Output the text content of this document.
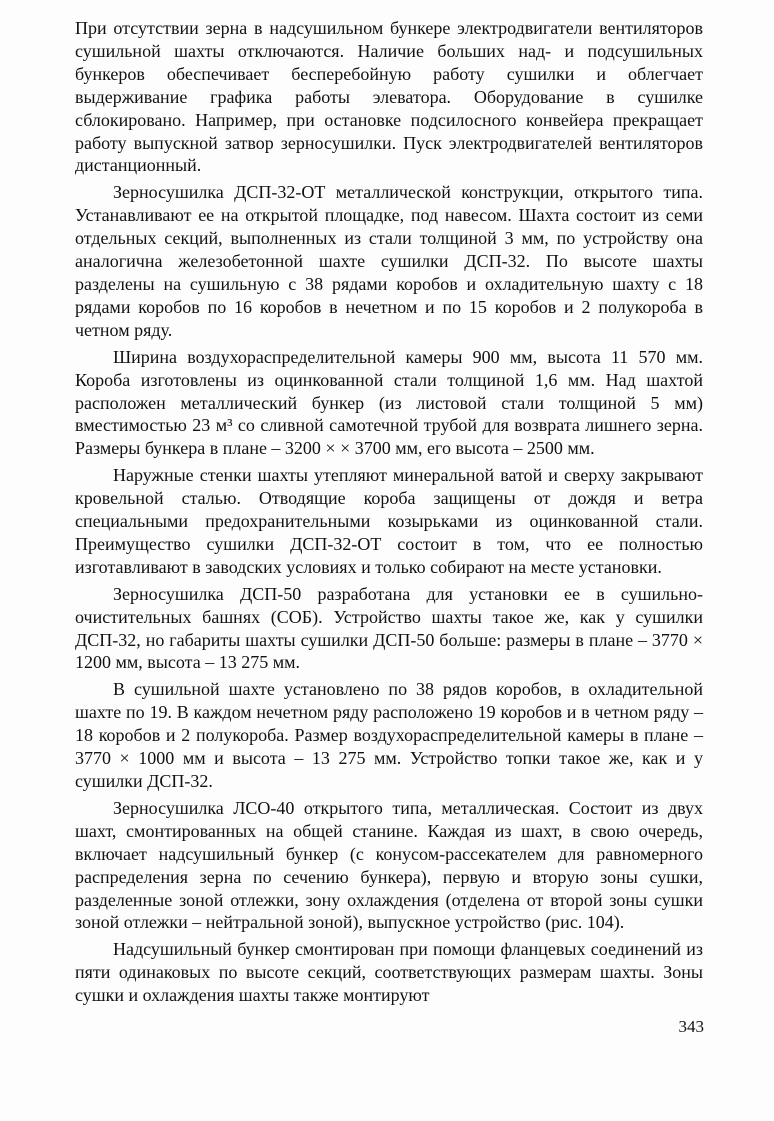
При отсутствии зерна в надсушильном бункере электродвигатели вентиляторов сушильной шахты отключаются. Наличие больших над- и подсушильных бункеров обеспечивает бесперебойную работу сушилки и облегчает выдерживание графика работы элеватора. Оборудование в сушилке сблокировано. Например, при остановке подсилосного конвейера прекращает работу выпускной затвор зерносушилки. Пуск электродвигателей вентиляторов дистанционный.

Зерносушилка ДСП-32-ОТ металлической конструкции, открытого типа. Устанавливают ее на открытой площадке, под навесом. Шахта состоит из семи отдельных секций, выполненных из стали толщиной 3 мм, по устройству она аналогична железобетонной шахте сушилки ДСП-32. По высоте шахты разделены на сушильную с 38 рядами коробов и охладительную шахту с 18 рядами коробов по 16 коробов в нечетном и по 15 коробов и 2 полукороба в четном ряду.

Ширина воздухораспределительной камеры 900 мм, высота 11 570 мм. Короба изготовлены из оцинкованной стали толщиной 1,6 мм. Над шахтой расположен металлический бункер (из листовой стали толщиной 5 мм) вместимостью 23 м³ со сливной самотечной трубой для возврата лишнего зерна. Размеры бункера в плане – 3200 × × 3700 мм, его высота – 2500 мм.

Наружные стенки шахты утепляют минеральной ватой и сверху закрывают кровельной сталью. Отводящие короба защищены от дождя и ветра специальными предохранительными козырьками из оцинкованной стали. Преимущество сушилки ДСП-32-ОТ состоит в том, что ее полностью изготавливают в заводских условиях и только собирают на месте установки.

Зерносушилка ДСП-50 разработана для установки ее в сушильно-очистительных башнях (СОБ). Устройство шахты такое же, как у сушилки ДСП-32, но габариты шахты сушилки ДСП-50 больше: размеры в плане – 3770 × 1200 мм, высота – 13 275 мм.

В сушильной шахте установлено по 38 рядов коробов, в охладительной шахте по 19. В каждом нечетном ряду расположено 19 коробов и в четном ряду – 18 коробов и 2 полукороба. Размер воздухораспределительной камеры в плане – 3770 × 1000 мм и высота – 13 275 мм. Устройство топки такое же, как и у сушилки ДСП-32.

Зерносушилка ЛСО-40 открытого типа, металлическая. Состоит из двух шахт, смонтированных на общей станине. Каждая из шахт, в свою очередь, включает надсушильный бункер (с конусом-рассекателем для равномерного распределения зерна по сечению бункера), первую и вторую зоны сушки, разделенные зоной отлежки, зону охлаждения (отделена от второй зоны сушки зоной отлежки – нейтральной зоной), выпускное устройство (рис. 104).

Надсушильный бункер смонтирован при помощи фланцевых соединений из пяти одинаковых по высоте секций, соответствующих размерам шахты. Зоны сушки и охлаждения шахты также монтируют

343
